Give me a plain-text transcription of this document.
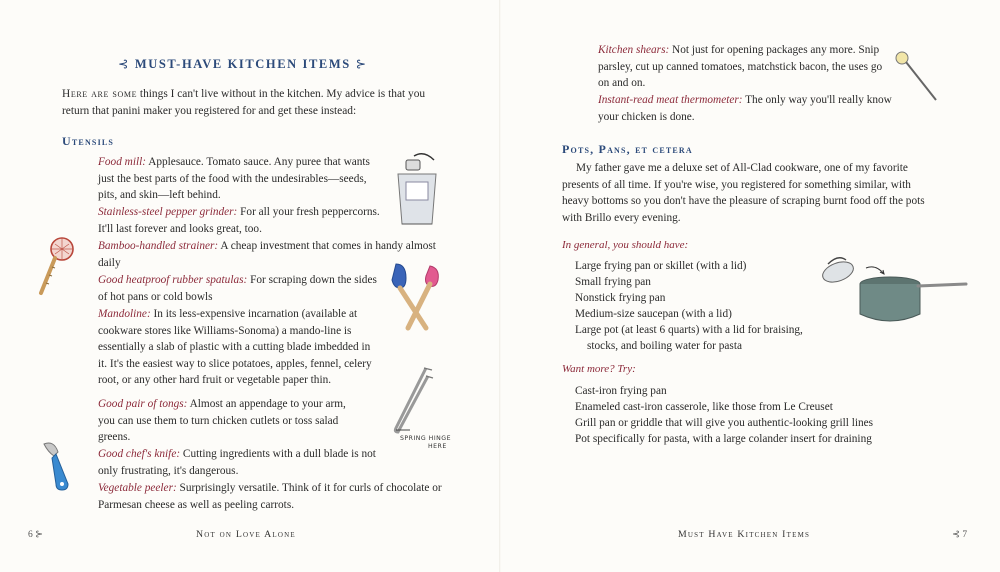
⊰ MUST-HAVE KITCHEN ITEMS ⊱
Here are some things I can't live without in the kitchen. My advice is that you return that panini maker you registered for and get these instead:
Utensils
Food mill: Applesauce. Tomato sauce. Any puree that wants just the best parts of the food with the undesirables—seeds, pits, and skin—left behind.
Stainless-steel pepper grinder: For all your fresh peppercorns. It'll last forever and looks great, too.
Bamboo-handled strainer: A cheap investment that comes in handy almost daily
Good heatproof rubber spatulas: For scraping down the sides of hot pans or cold bowls
Mandoline: In its less-expensive incarnation (available at cookware stores like Williams-Sonoma) a mando-line is essentially a slab of plastic with a cutting blade imbedded in it. It's the easiest way to slice potatoes, apples, fennel, celery root, or any other hard fruit or vegetable paper thin.
Good pair of tongs: Almost an appendage to your arm, you can use them to turn chicken cutlets or toss salad greens.
Good chef's knife: Cutting ingredients with a dull blade is not only frustrating, it's dangerous.
Vegetable peeler: Surprisingly versatile. Think of it for curls of chocolate or Parmesan cheese as well as peeling carrots.
SPRING HINGE
HERE
6 ⊱	Not on Love Alone
Kitchen shears: Not just for opening packages any more. Snip parsley, cut up canned tomatoes, matchstick bacon, the uses go on and on.
Instant-read meat thermometer: The only way you'll really know your chicken is done.
Pots, Pans, et cetera
My father gave me a deluxe set of All-Clad cookware, one of my favorite presents of all time. If you're wise, you registered for something similar, with heavy bottoms so you don't have the pleasure of scraping burnt food off the pots with Brillo every evening.
In general, you should have:
Large frying pan or skillet (with a lid)
Small frying pan
Nonstick frying pan
Medium-size saucepan (with a lid)
Large pot (at least 6 quarts) with a lid for braising,
stocks, and boiling water for pasta
Want more? Try:
Cast-iron frying pan
Enameled cast-iron casserole, like those from Le Creuset
Grill pan or griddle that will give you authentic-looking grill lines
Pot specifically for pasta, with a large colander insert for draining
Must Have Kitchen Items	⊰ 7
